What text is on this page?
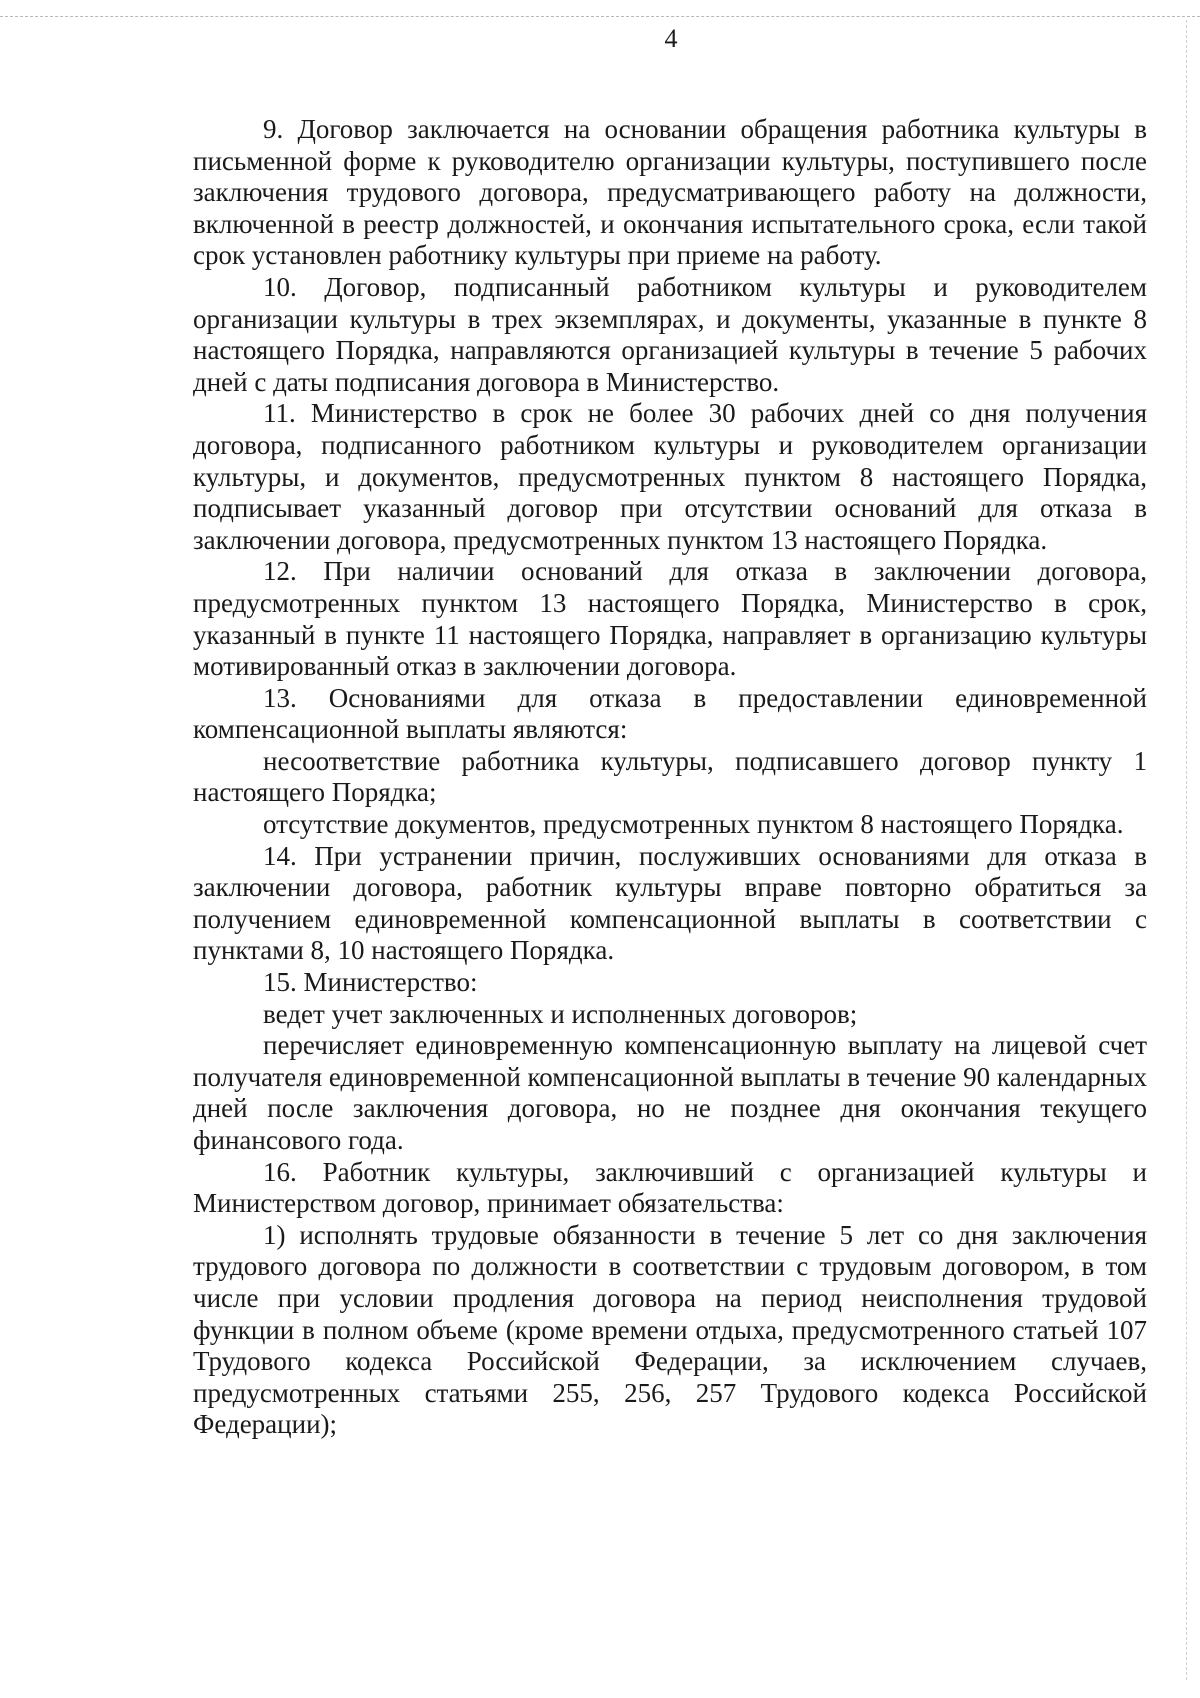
4

9. Договор заключается на основании обращения работника культуры в письменной форме к руководителю организации культуры, поступившего после заключения трудового договора, предусматривающего работу на должности, включенной в реестр должностей, и окончания испытательного срока, если такой срок установлен работнику культуры при приеме на работу.

10. Договор, подписанный работником культуры и руководителем организации культуры в трех экземплярах, и документы, указанные в пункте 8 настоящего Порядка, направляются организацией культуры в течение 5 рабочих дней с даты подписания договора в Министерство.

11. Министерство в срок не более 30 рабочих дней со дня получения договора, подписанного работником культуры и руководителем организации культуры, и документов, предусмотренных пунктом 8 настоящего Порядка, подписывает указанный договор при отсутствии оснований для отказа в заключении договора, предусмотренных пунктом 13 настоящего Порядка.

12. При наличии оснований для отказа в заключении договора, предусмотренных пунктом 13 настоящего Порядка, Министерство в срок, указанный в пункте 11 настоящего Порядка, направляет в организацию культуры мотивированный отказ в заключении договора.

13. Основаниями для отказа в предоставлении единовременной компенсационной выплаты являются:

несоответствие работника культуры, подписавшего договор пункту 1 настоящего Порядка;

отсутствие документов, предусмотренных пунктом 8 настоящего Порядка.

14. При устранении причин, послуживших основаниями для отказа в заключении договора, работник культуры вправе повторно обратиться за получением единовременной компенсационной выплаты в соответствии с пунктами 8, 10 настоящего Порядка.

15. Министерство:

ведет учет заключенных и исполненных договоров;

перечисляет единовременную компенсационную выплату на лицевой счет получателя единовременной компенсационной выплаты в течение 90 календарных дней после заключения договора, но не позднее дня окончания текущего финансового года.

16. Работник культуры, заключивший с организацией культуры и Министерством договор, принимает обязательства:

1) исполнять трудовые обязанности в течение 5 лет со дня заключения трудового договора по должности в соответствии с трудовым договором, в том числе при условии продления договора на период неисполнения трудовой функции в полном объеме (кроме времени отдыха, предусмотренного статьей 107 Трудового кодекса Российской Федерации, за исключением случаев, предусмотренных статьями 255, 256, 257 Трудового кодекса Российской Федерации);
